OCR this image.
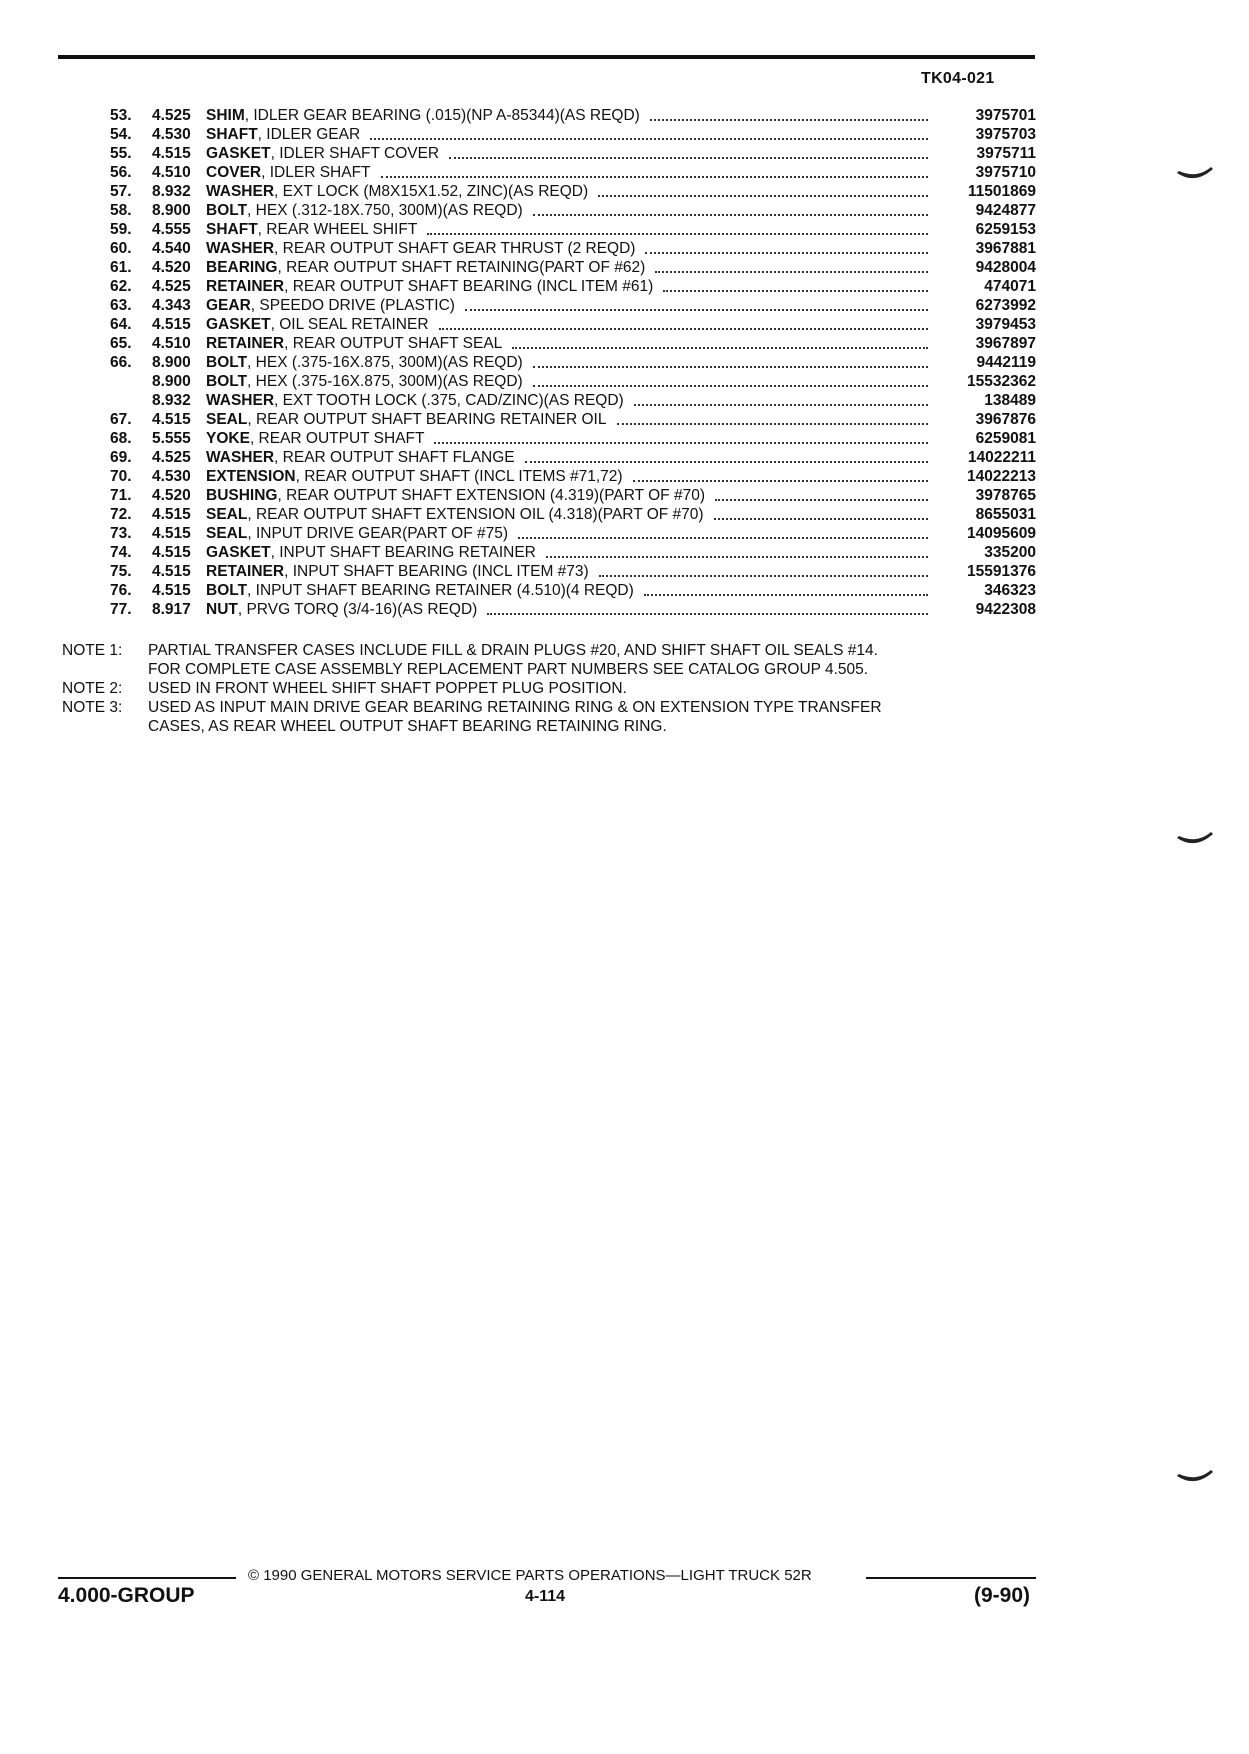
TK04-021
53.	4.525 SHIM , IDLER GEAR BEARING (.015)(NP A-85344)(AS REQD)	3975701
54.	4.530 SHAFT , IDLER GEAR	3975703
55.	4.515 GASKET , IDLER SHAFT COVER	3975711
56.	4.510 COVER , IDLER SHAFT	3975710
57.	8.932 WASHER , EXT LOCK (M8X15X1.52, ZINC)(AS REQD)	11501869
58.	8.900 BOLT , HEX (.312-18X.750, 300M)(AS REQD)	9424877
59.	4.555 SHAFT , REAR WHEEL SHIFT	6259153
60.	4.540 WASHER , REAR OUTPUT SHAFT GEAR THRUST (2 REQD)	3967881
61.	4.520 BEARING , REAR OUTPUT SHAFT RETAINING(PART OF #62)	9428004
62.	4.525 RETAINER , REAR OUTPUT SHAFT BEARING (INCL ITEM #61)	474071
63.	4.343 GEAR , SPEEDO DRIVE (PLASTIC)	6273992
64.	4.515 GASKET , OIL SEAL RETAINER	3979453
65.	4.510 RETAINER , REAR OUTPUT SHAFT SEAL	3967897
66.	8.900 BOLT , HEX (.375-16X.875, 300M)(AS REQD)	9442119
8.900 BOLT , HEX (.375-16X.875, 300M)(AS REQD)	15532362
8.932 WASHER , EXT TOOTH LOCK (.375, CAD/ZINC)(AS REQD)	138489
67.	4.515 SEAL , REAR OUTPUT SHAFT BEARING RETAINER OIL	3967876
68.	5.555 YOKE , REAR OUTPUT SHAFT	6259081
69.	4.525 WASHER , REAR OUTPUT SHAFT FLANGE	14022211
70.	4.530 EXTENSION , REAR OUTPUT SHAFT (INCL ITEMS #71,72)	14022213
71.	4.520 BUSHING , REAR OUTPUT SHAFT EXTENSION (4.319)(PART OF #70)	3978765
72.	4.515 SEAL , REAR OUTPUT SHAFT EXTENSION OIL (4.318)(PART OF #70)	8655031
73.	4.515 SEAL , INPUT DRIVE GEAR(PART OF #75)	14095609
74.	4.515 GASKET , INPUT SHAFT BEARING RETAINER	335200
75.	4.515 RETAINER , INPUT SHAFT BEARING (INCL ITEM #73)	15591376
76.	4.515 BOLT , INPUT SHAFT BEARING RETAINER (4.510)(4 REQD)	346323
77.	8.917 NUT , PRVG TORQ (3/4-16)(AS REQD)	9422308
NOTE 1:	PARTIAL TRANSFER CASES INCLUDE FILL & DRAIN PLUGS #20, AND SHIFT SHAFT OIL SEALS #14.
FOR COMPLETE CASE ASSEMBLY REPLACEMENT PART NUMBERS SEE CATALOG GROUP 4.505.
NOTE 2:	USED IN FRONT WHEEL SHIFT SHAFT POPPET PLUG POSITION.
NOTE 3:	USED AS INPUT MAIN DRIVE GEAR BEARING RETAINING RING & ON EXTENSION TYPE TRANSFER
CASES, AS REAR WHEEL OUTPUT SHAFT BEARING RETAINING RING.
© 1990 GENERAL MOTORS SERVICE PARTS OPERATIONS—LIGHT TRUCK 52R
4.000-GROUP	4-114	(9-90)
